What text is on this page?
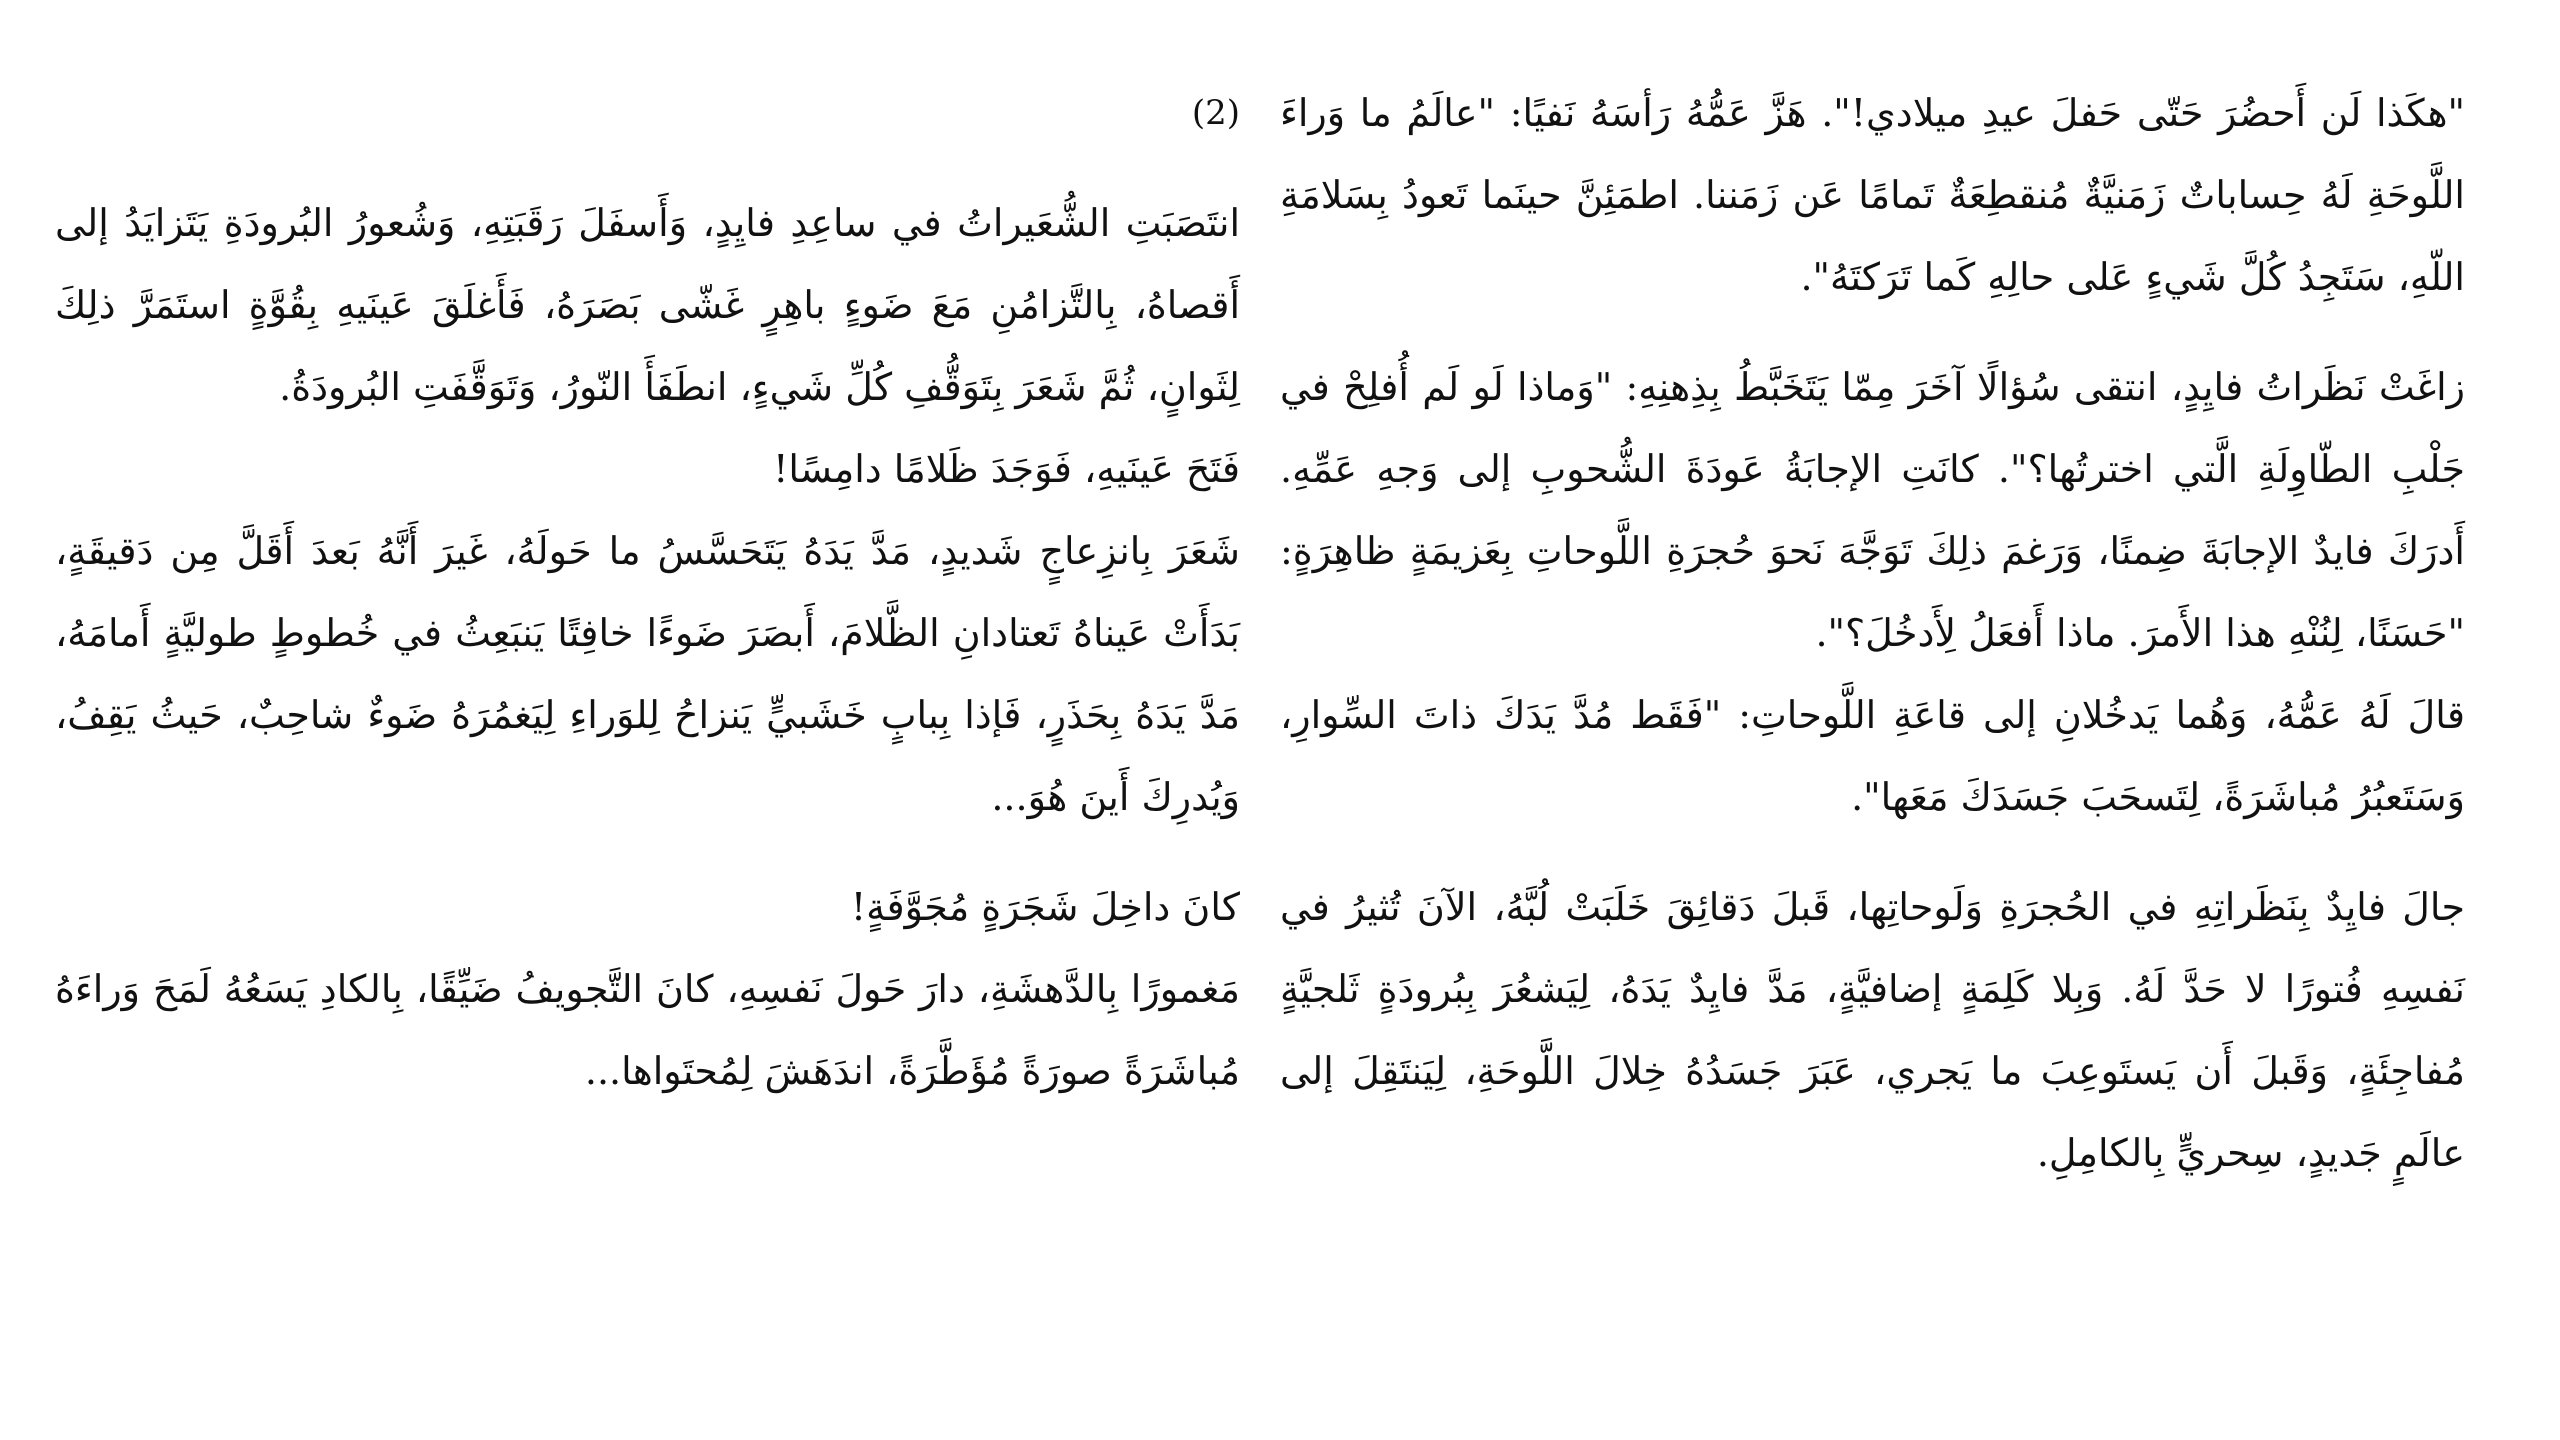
"هكَذا لَن أَحضُرَ حَتّى حَفلَ عيدِ ميلادي!". هَزَّ عَمُّهُ رَأسَهُ نَفيًا: "عالَمُ ما وَراءَ اللَّوحَةِ لَهُ حِساباتٌ زَمَنيَّةٌ مُنقطِعَةٌ تَمامًا عَن زَمَننا. اطمَئِنَّ حينَما تَعودُ بِسَلامَةِ اللّهِ، سَتَجِدُ كُلَّ شَيءٍ عَلى حالِهِ كَما تَرَكتَهُ".

زاغَتْ نَظَراتُ فايِدٍ، انتقى سُؤالًا آخَرَ مِمّا يَتَخَبَّطُ بِذِهنِهِ: "وَماذا لَو لَم أُفلِحْ في جَلْبِ الطّاوِلَةِ الَّتي اخترتُها؟". كانَتِ الإجابَةُ عَودَةَ الشُّحوبِ إلى وَجهِ عَمِّهِ. أَدرَكَ فايدٌ الإجابَةَ ضِمنًا، وَرَغمَ ذلِكَ تَوَجَّهَ نَحوَ حُجرَةِ اللَّوحاتِ بِعَزيمَةٍ ظاهِرَةٍ: "حَسَنًا، لِنُنْهِ هذا الأَمرَ. ماذا أَفعَلُ لِأَدخُلَ؟".

قالَ لَهُ عَمُّهُ، وَهُما يَدخُلانِ إلى قاعَةِ اللَّوحاتِ: "فَقَط مُدَّ يَدَكَ ذاتَ السِّوارِ، وَسَتَعبُرُ مُباشَرَةً، لِتَسحَبَ جَسَدَكَ مَعَها".

جالَ فايِدٌ بِنَظَراتِهِ في الحُجرَةِ وَلَوحاتِها، قَبلَ دَقائِقَ خَلَبَتْ لُبَّهُ، الآنَ تُثيرُ في نَفسِهِ فُتورًا لا حَدَّ لَهُ. وَبِلا كَلِمَةٍ إضافيَّةٍ، مَدَّ فايِدٌ يَدَهُ، لِيَشعُرَ بِبُرودَةٍ ثَلجيَّةٍ مُفاجِئَةٍ، وَقَبلَ أَن يَستَوعِبَ ما يَجري، عَبَرَ جَسَدُهُ خِلالَ اللَّوحَةِ، لِيَنتَقِلَ إلى عالَمٍ جَديدٍ، سِحريٍّ بِالكامِلِ.

(2)

انتَصَبَتِ الشُّعَيراتُ في ساعِدِ فايِدٍ، وَأَسفَلَ رَقَبَتِهِ، وَشُعورُ البُرودَةِ يَتَزايَدُ إلى أَقصاهُ، بِالتَّزامُنِ مَعَ ضَوءٍ باهِرٍ غَشّى بَصَرَهُ، فَأَغلَقَ عَينَيهِ بِقُوَّةٍ استَمَرَّ ذلِكَ لِثَوانٍ، ثُمَّ شَعَرَ بِتَوَقُّفِ كُلِّ شَيءٍ، انطَفَأَ النّورُ، وَتَوَقَّفَتِ البُرودَةُ.

فَتَحَ عَينَيهِ، فَوَجَدَ ظَلامًا دامِسًا!

شَعَرَ بِانزِعاجٍ شَديدٍ، مَدَّ يَدَهُ يَتَحَسَّسُ ما حَولَهُ، غَيرَ أَنَّهُ بَعدَ أَقَلَّ مِن دَقيقَةٍ، بَدَأَتْ عَيناهُ تَعتادانِ الظَّلامَ، أَبصَرَ ضَوءًا خافِتًا يَنبَعِثُ في خُطوطٍ طوليَّةٍ أَمامَهُ، مَدَّ يَدَهُ بِحَذَرٍ، فَإذا بِبابٍ خَشَبيٍّ يَنزاحُ لِلوَراءِ لِيَغمُرَهُ ضَوءٌ شاحِبٌ، حَيثُ يَقِفُ، وَيُدرِكَ أَينَ هُوَ...

كانَ داخِلَ شَجَرَةٍ مُجَوَّفَةٍ!

مَغمورًا بِالدَّهشَةِ، دارَ حَولَ نَفسِهِ، كانَ التَّجويفُ ضَيِّقًا، بِالكادِ يَسَعُهُ لَمَحَ وَراءَهُ مُباشَرَةً صورَةً مُؤَطَّرَةً، اندَهَشَ لِمُحتَواها...
